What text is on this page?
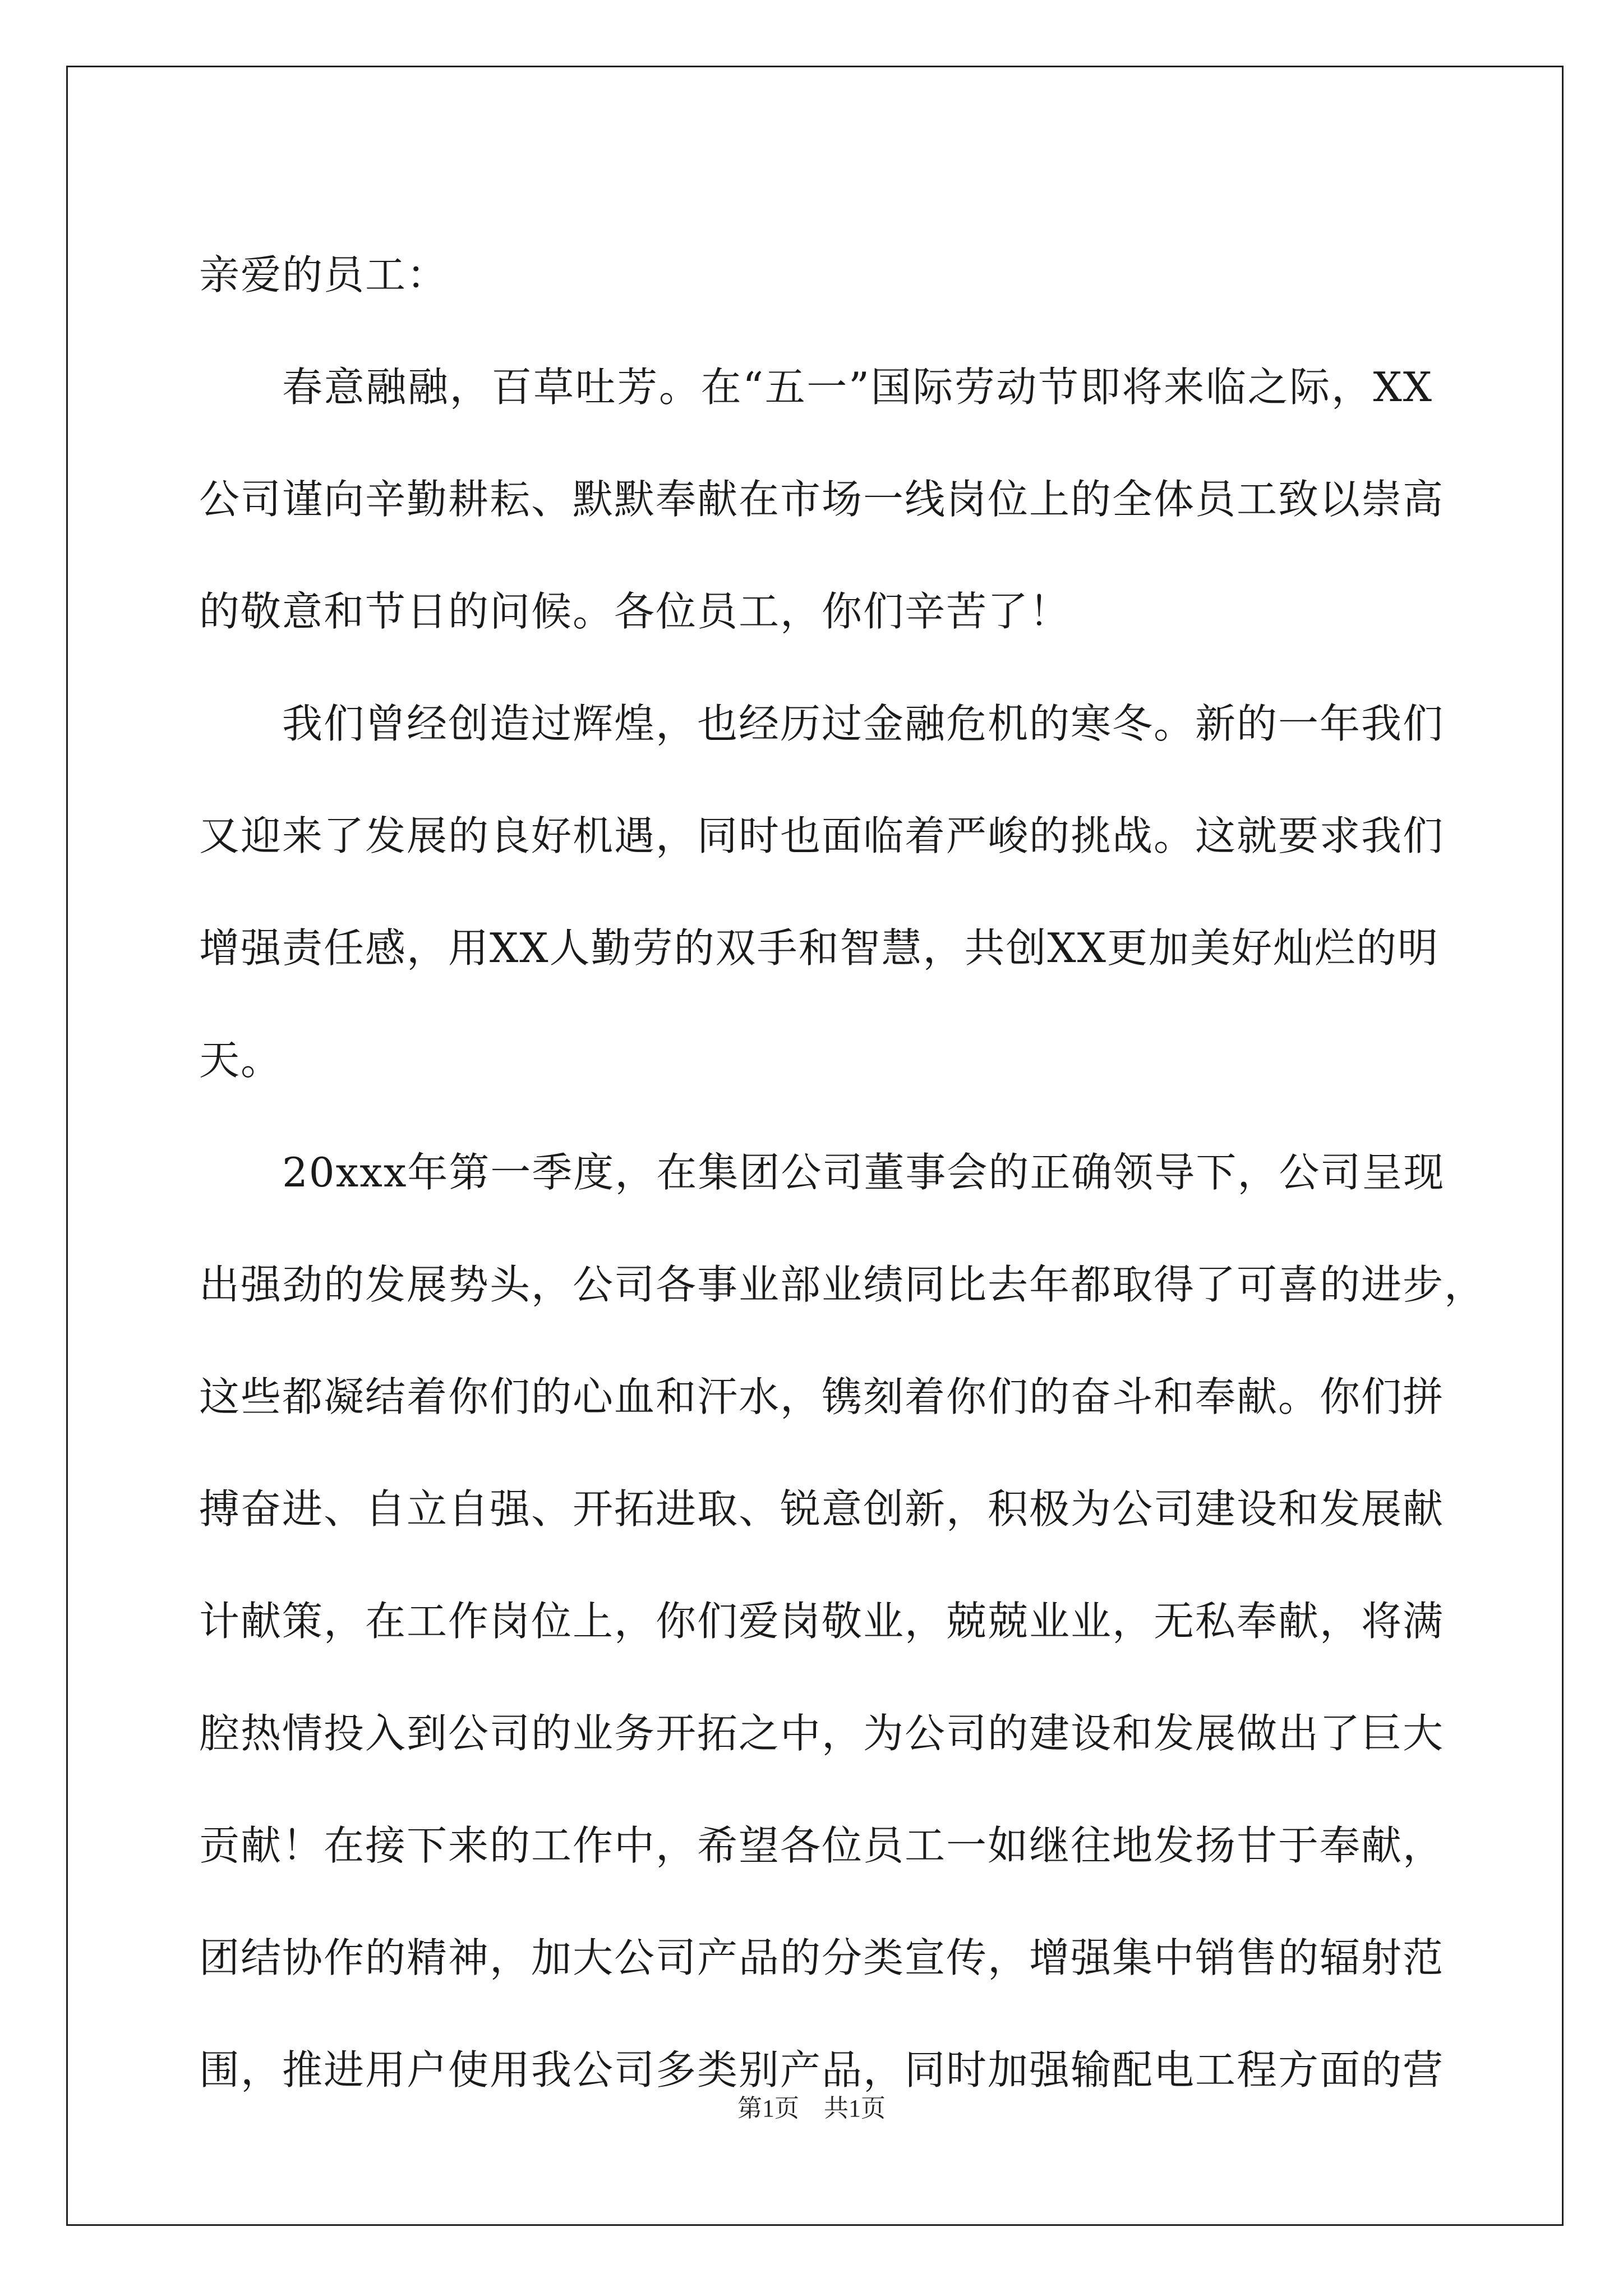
亲爱的员工：
春意融融，百草吐芳。在“五一”国际劳动节即将来临之际，XX
公司谨向辛勤耕耘、默默奉献在市场一线岗位上的全体员工致以崇高
的敬意和节日的问候。各位员工，你们辛苦了！
我们曾经创造过辉煌，也经历过金融危机的寒冬。新的一年我们
又迎来了发展的良好机遇，同时也面临着严峻的挑战。这就要求我们
增强责任感，用XX人勤劳的双手和智慧，共创XX更加美好灿烂的明
天。
20xxx年第一季度，在集团公司董事会的正确领导下，公司呈现
出强劲的发展势头，公司各事业部业绩同比去年都取得了可喜的进步，
这些都凝结着你们的心血和汗水，镌刻着你们的奋斗和奉献。你们拼
搏奋进、自立自强、开拓进取、锐意创新，积极为公司建设和发展献
计献策，在工作岗位上，你们爱岗敬业，兢兢业业，无私奉献，将满
腔热情投入到公司的业务开拓之中，为公司的建设和发展做出了巨大
贡献！在接下来的工作中，希望各位员工一如继往地发扬甘于奉献，
团结协作的精神，加大公司产品的分类宣传，增强集中销售的辐射范
围，推进用户使用我公司多类别产品，同时加强输配电工程方面的营
第1页　共1页
